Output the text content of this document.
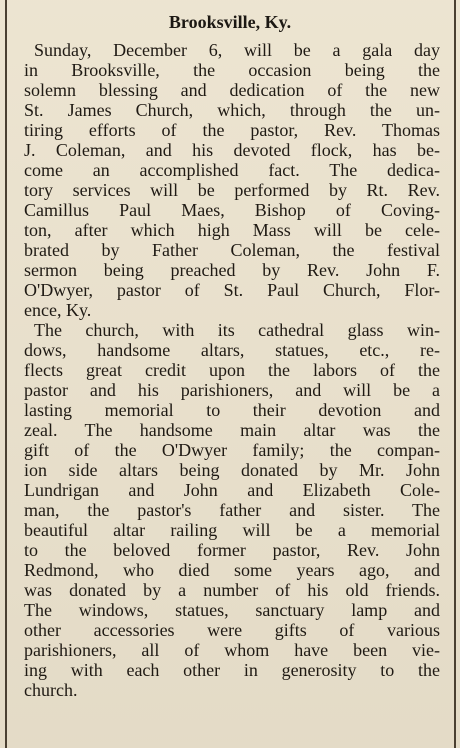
Brooksville, Ky.
Sunday, December 6, will be a gala day
in Brooksville, the occasion being the
solemn blessing and dedication of the new
St. James Church, which, through the un-
tiring efforts of the pastor, Rev. Thomas
J. Coleman, and his devoted flock, has be-
come an accomplished fact. The dedica-
tory services will be performed by Rt. Rev.
Camillus Paul Maes, Bishop of Coving-
ton, after which high Mass will be cele-
brated by Father Coleman, the festival
sermon being preached by Rev. John F.
O'Dwyer, pastor of St. Paul Church, Flor-
ence, Ky.
The church, with its cathedral glass win-
dows, handsome altars, statues, etc., re-
flects great credit upon the labors of the
pastor and his parishioners, and will be a
lasting memorial to their devotion and
zeal. The handsome main altar was the
gift of the O'Dwyer family; the compan-
ion side altars being donated by Mr. John
Lundrigan and John and Elizabeth Cole-
man, the pastor's father and sister. The
beautiful altar railing will be a memorial
to the beloved former pastor, Rev. John
Redmond, who died some years ago, and
was donated by a number of his old friends.
The windows, statues, sanctuary lamp and
other accessories were gifts of various
parishioners, all of whom have been vie-
ing with each other in generosity to the
church.
